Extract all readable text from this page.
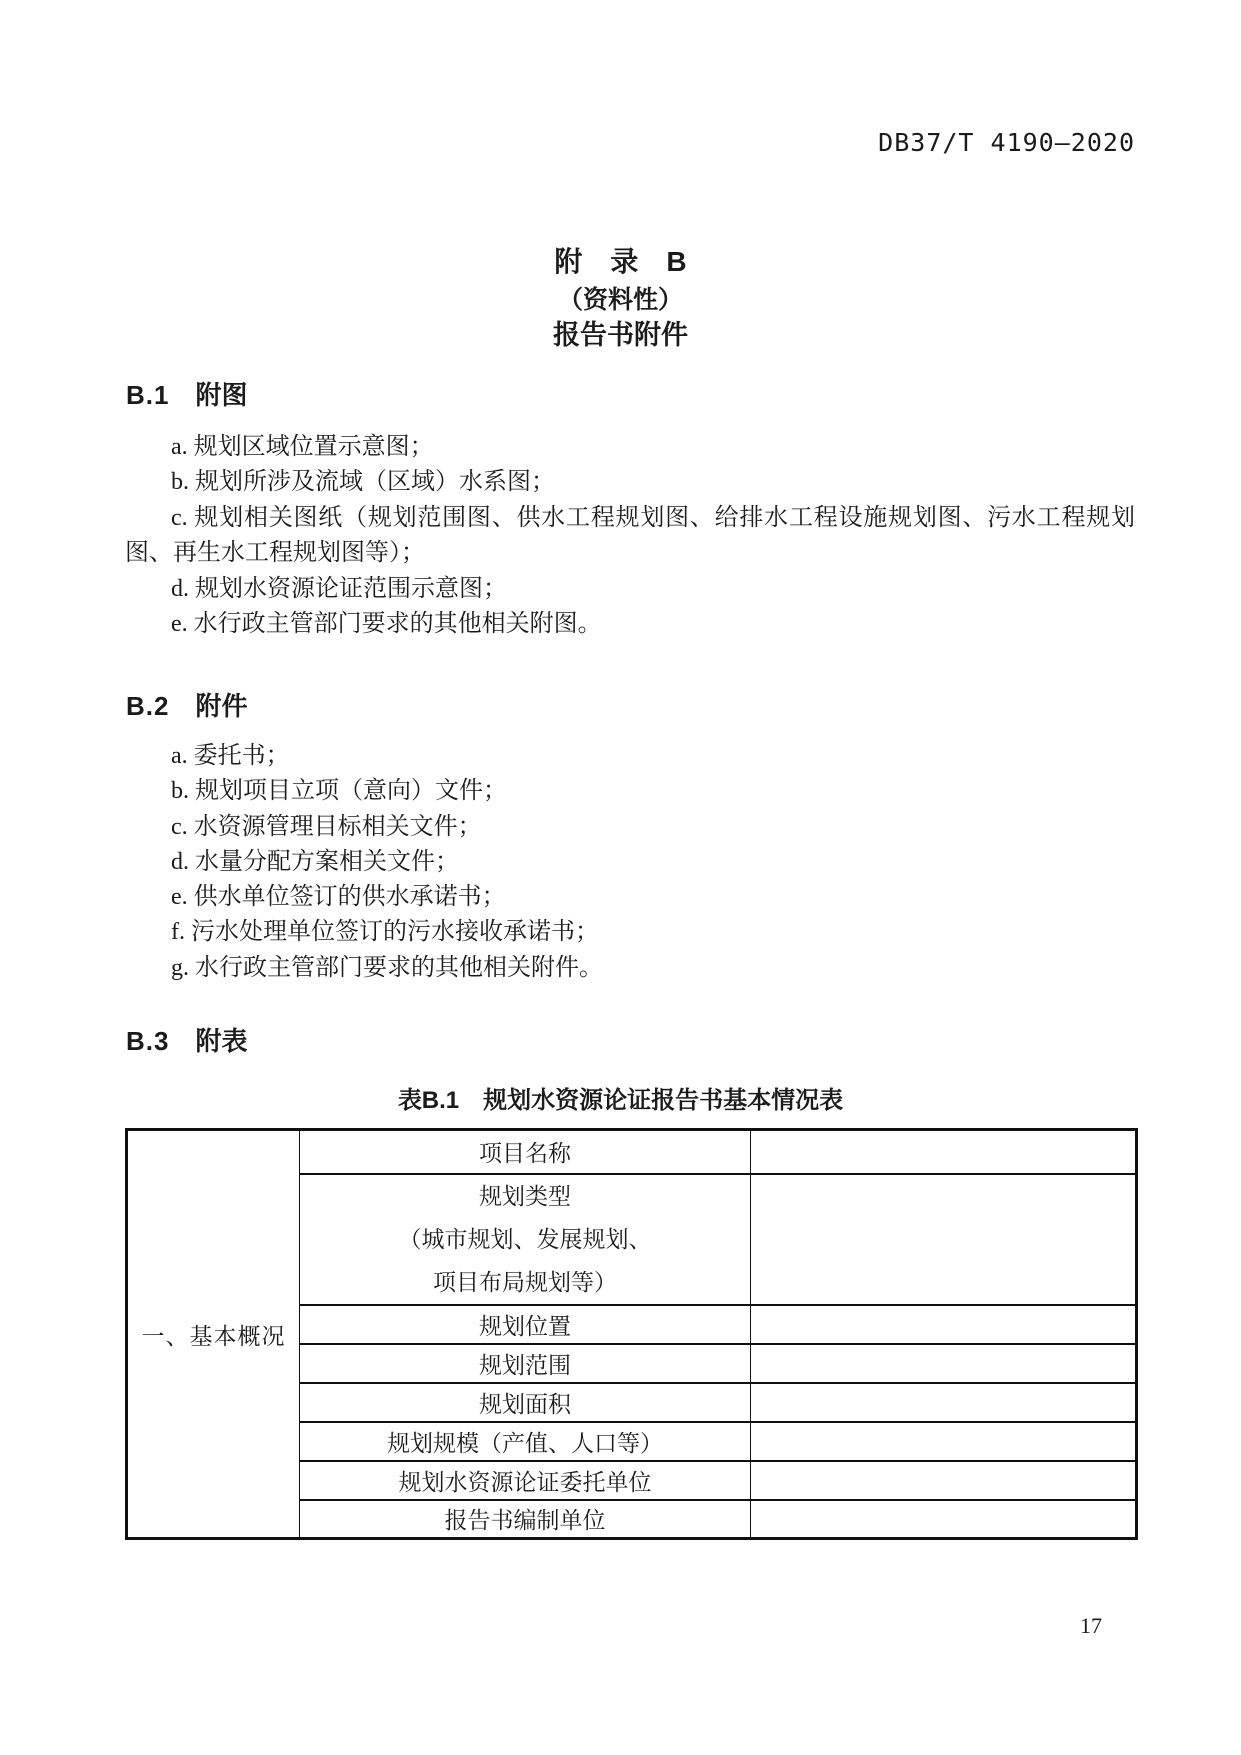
DB37/T 4190—2020
附　录　B
（资料性）
报告书附件
B.1 附图

a. 规划区域位置示意图；

b. 规划所涉及流域（区域）水系图；

c. 规划相关图纸（规划范围图、供水工程规划图、给排水工程设施规划图、污水工程规划图、再生水工程规划图等）；

d. 规划水资源论证范围示意图；

e. 水行政主管部门要求的其他相关附图。

B.2 附件

a. 委托书；

b. 规划项目立项（意向）文件；

c. 水资源管理目标相关文件；

d. 水量分配方案相关文件；

e. 供水单位签订的供水承诺书；

f. 污水处理单位签订的污水接收承诺书；

g. 水行政主管部门要求的其他相关附件。

B.3 附表
表B.1 规划水资源论证报告书基本情况表
一、基本概况	项目名称	

	规划类型
（城市规划、发展规划、
项目布局规划等）	

	规划位置	
	规划范围	
	规划面积	
	规划规模（产值、人口等）	
	规划水资源论证委托单位	
	报告书编制单位	
17
